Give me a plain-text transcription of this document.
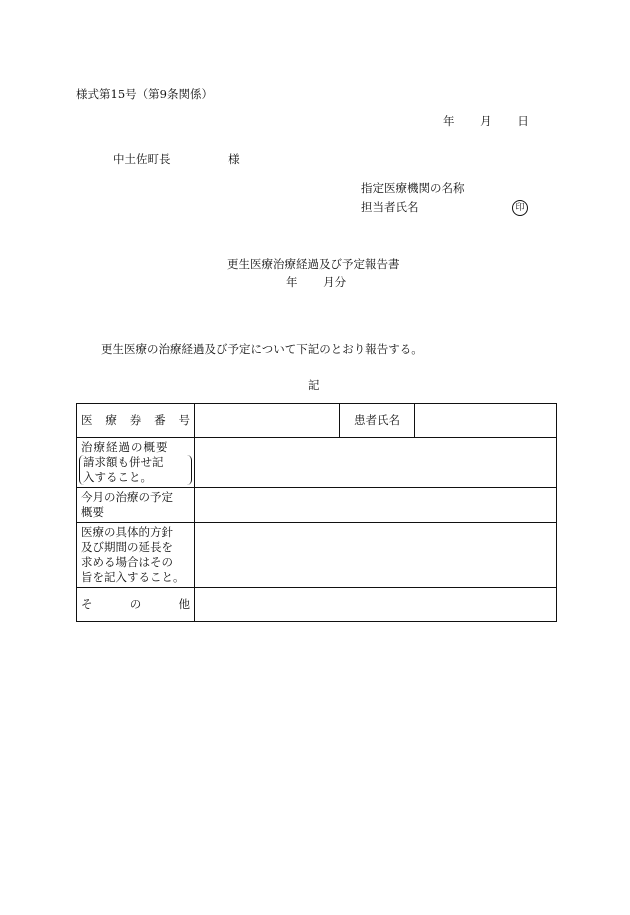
様式第15号（第9条関係）
年 月 日
中土佐町長	様
指定医療機関の名称
担当者氏名	印
更生医療治療経過及び予定報告書
年 月分
更生医療の治療経過及び予定について下記のとおり報告する。
記
医 療 券 番 号		患者氏名	

治療経過の概要
請求額も併せ記
入すること。			

今月の治療の予定
概要			

医療の具体的方針
及び期間の延長を
求める場合はその
旨を記入すること。			

そ の 他			
